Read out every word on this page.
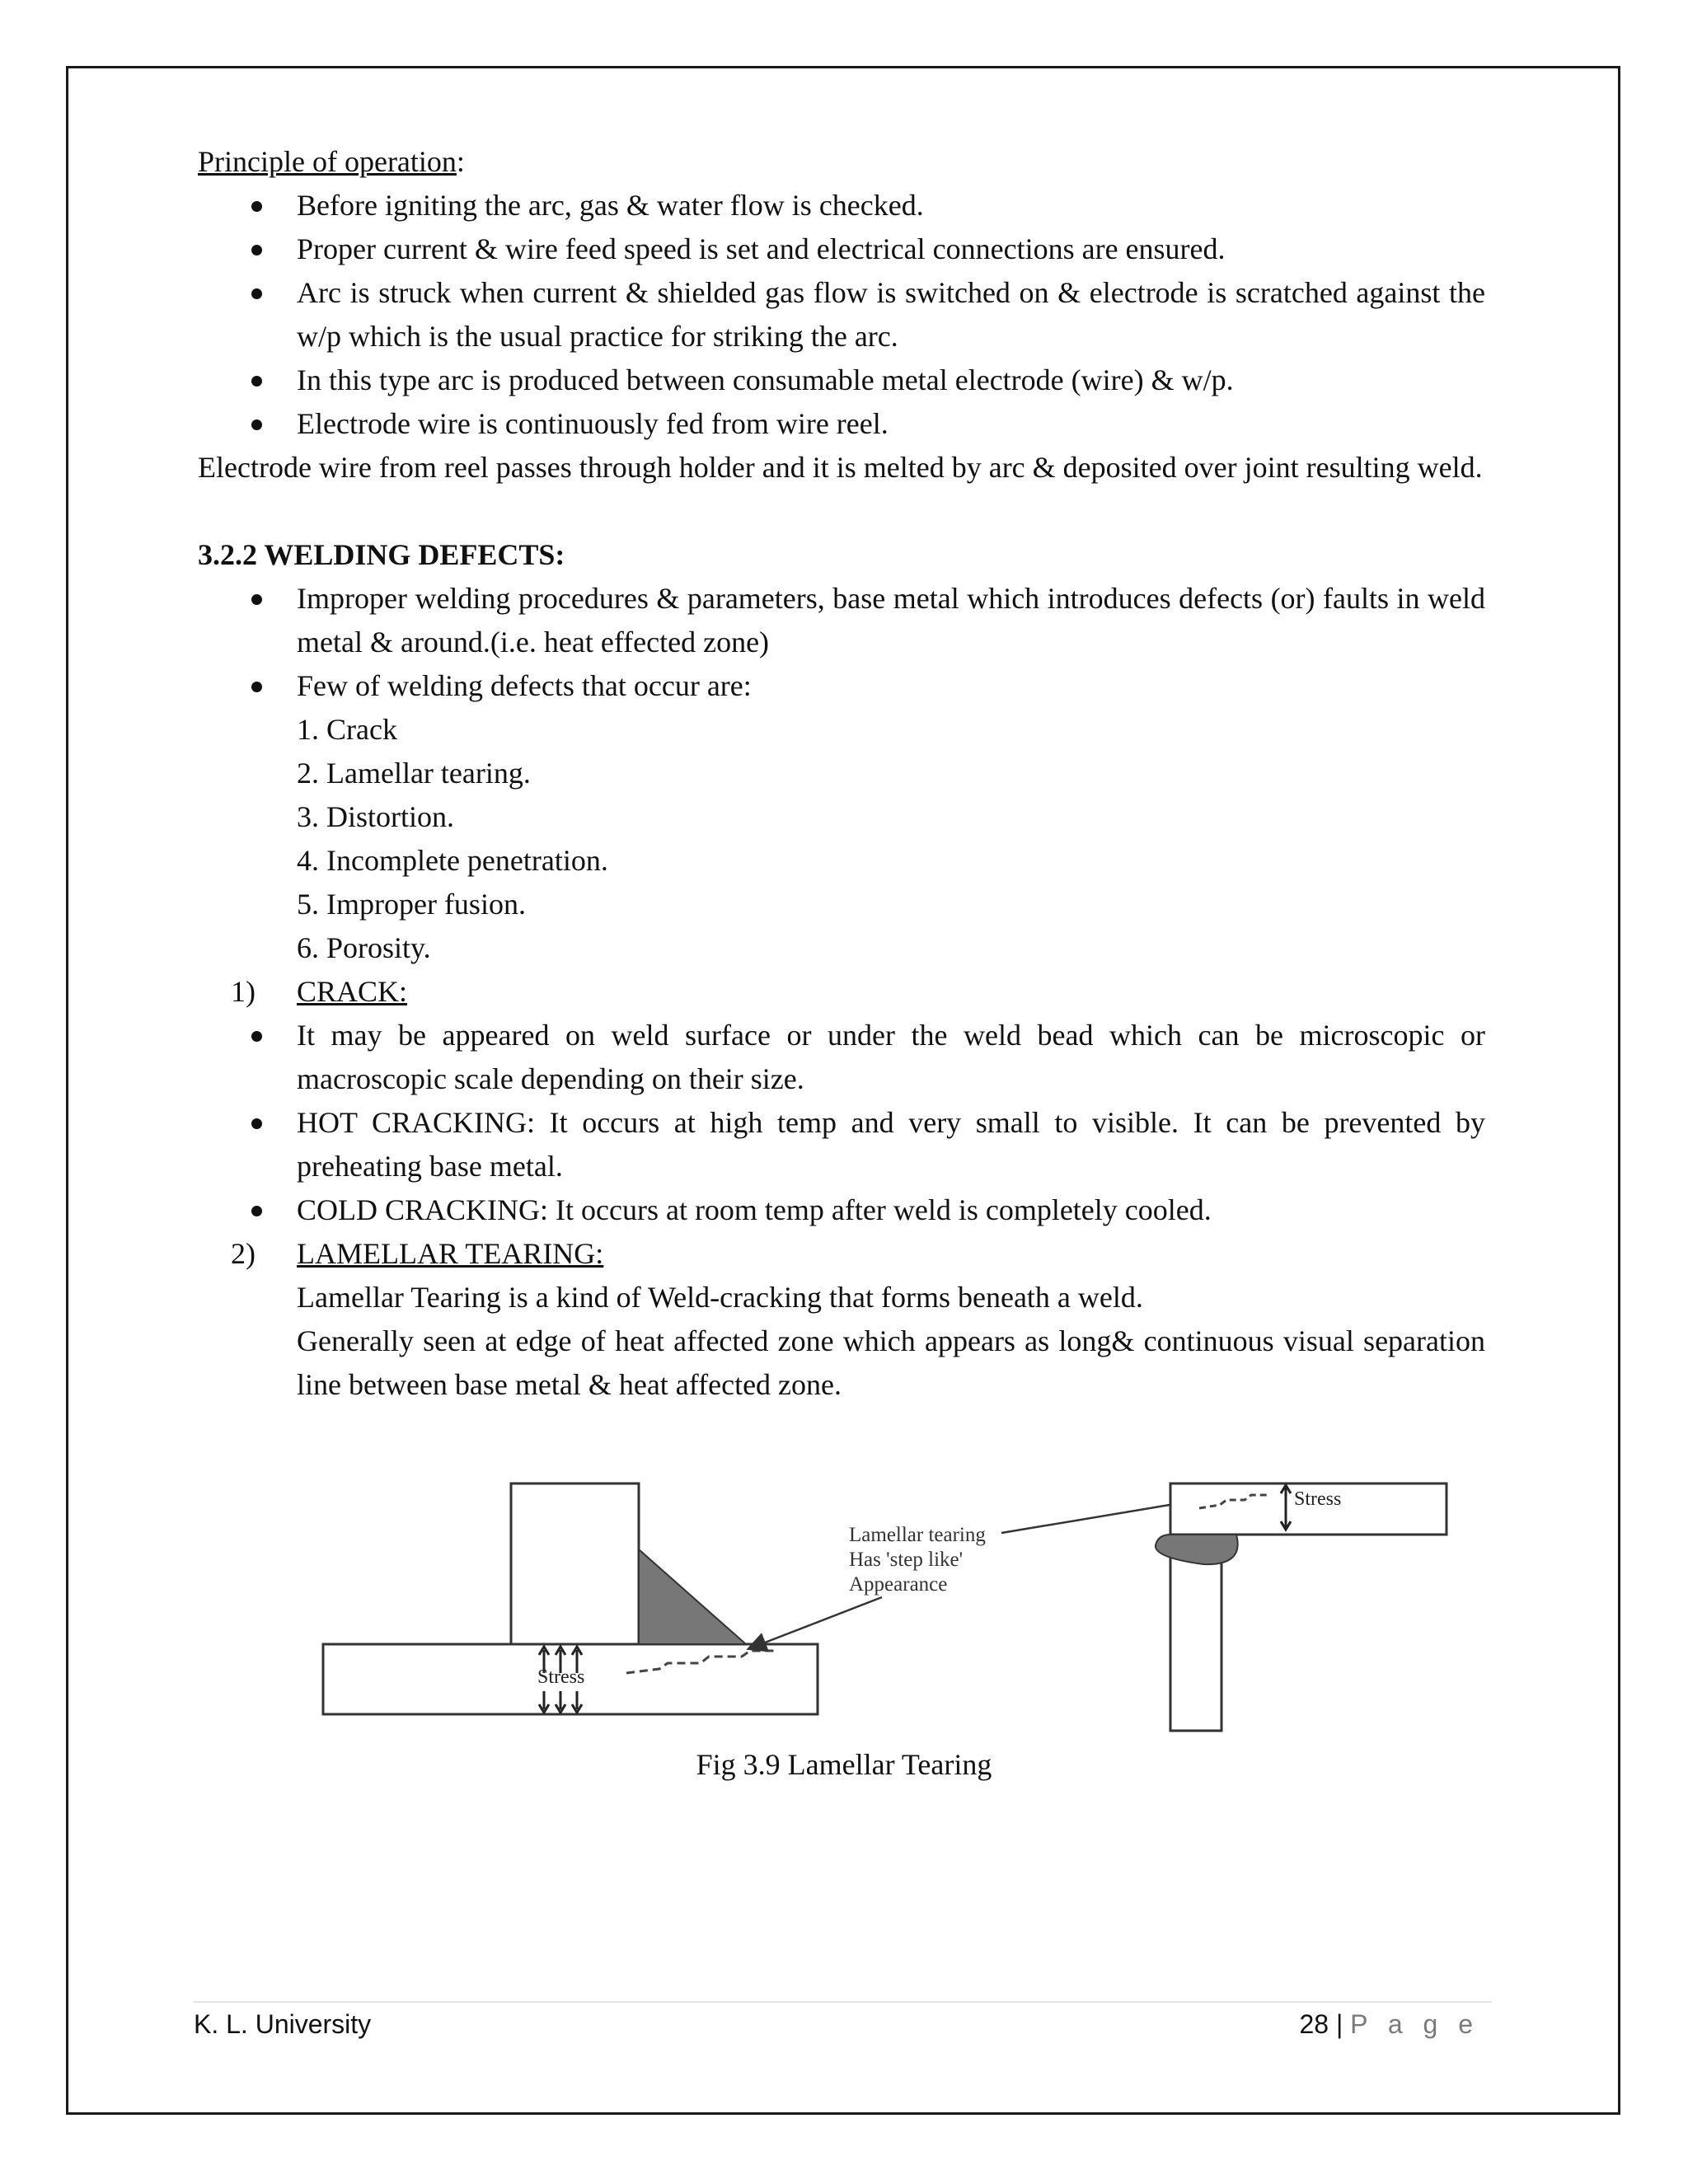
Principle of operation:

Before igniting the arc, gas & water flow is checked.
Proper current & wire feed speed is set and electrical connections are ensured.
Arc is struck when current & shielded gas flow is switched on & electrode is scratched against the w/p which is the usual practice for striking the arc.
In this type arc is produced between consumable metal electrode (wire) & w/p.
Electrode wire is continuously fed from wire reel.

Electrode wire from reel passes through holder and it is melted by arc & deposited over joint resulting weld.

3.2.2 WELDING DEFECTS:

Improper welding procedures & parameters, base metal which introduces defects (or) faults in weld metal & around.(i.e. heat effected zone)
Few of welding defects that occur are:
1. Crack
2. Lamellar tearing.
3. Distortion.
4. Incomplete penetration.
5. Improper fusion.
6. Porosity.
1) CRACK:
It may be appeared on weld surface or under the weld bead which can be microscopic or macroscopic scale depending on their size.
HOT CRACKING: It occurs at high temp and very small to visible. It can be prevented by preheating base metal.
COLD CRACKING: It occurs at room temp after weld is completely cooled.
2) LAMELLAR TEARING:
Lamellar Tearing is a kind of Weld-cracking that forms beneath a weld.
Generally seen at edge of heat affected zone which appears as long& continuous visual separation line between base metal & heat affected zone.
Stress
Lamellar tearing Has 'step like' Appearance
Stress
Fig 3.9 Lamellar Tearing
K. L. University	28 | P a g e
